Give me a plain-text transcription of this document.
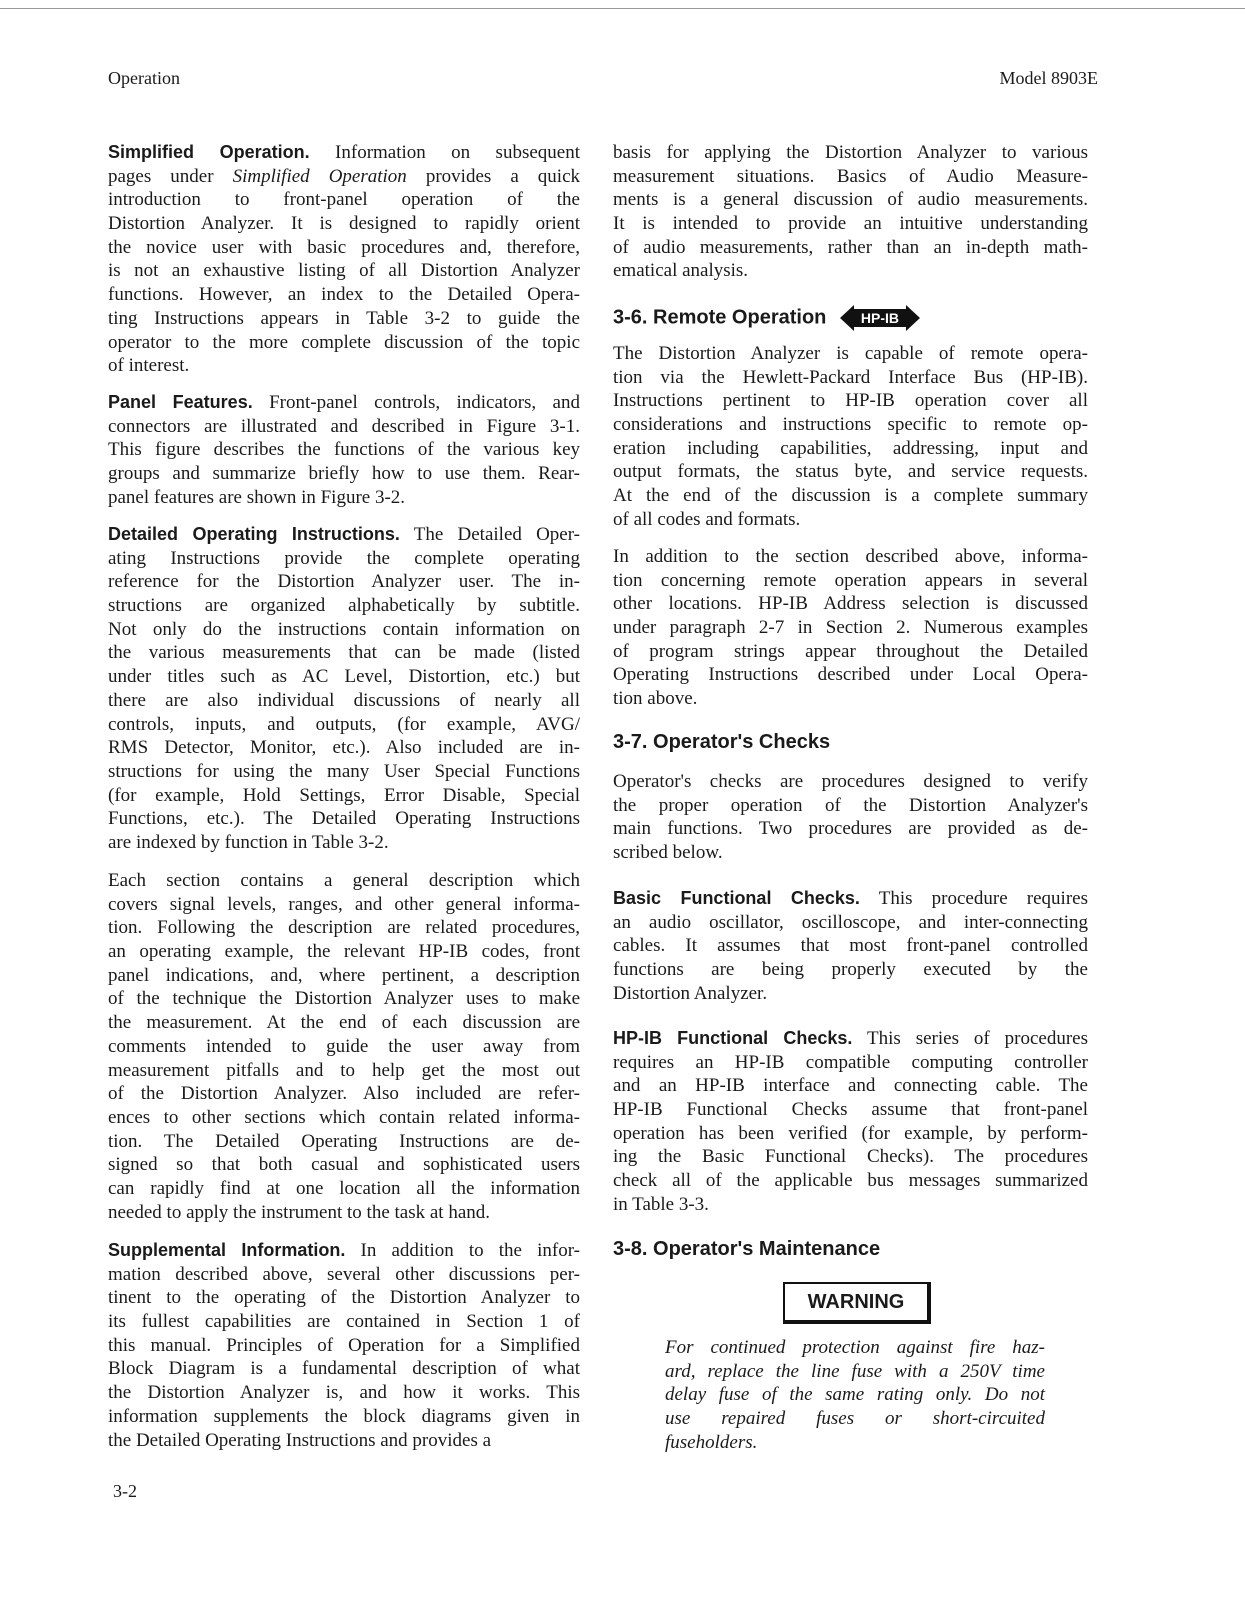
Operation	Model 8903E
Simplified Operation. Information on subsequent
pages under Simplified Operation provides a quick
introduction to front-panel operation of the
Distortion Analyzer. It is designed to rapidly orient
the novice user with basic procedures and, therefore,
is not an exhaustive listing of all Distortion Analyzer
functions. However, an index to the Detailed Opera-
ting Instructions appears in Table 3-2 to guide the
operator to the more complete discussion of the topic
of interest.
Panel Features. Front-panel controls, indicators, and
connectors are illustrated and described in Figure 3-1.
This figure describes the functions of the various key
groups and summarize briefly how to use them. Rear-
panel features are shown in Figure 3-2.
Detailed Operating Instructions. The Detailed Oper-
ating Instructions provide the complete operating
reference for the Distortion Analyzer user. The in-
structions are organized alphabetically by subtitle.
Not only do the instructions contain information on
the various measurements that can be made (listed
under titles such as AC Level, Distortion, etc.) but
there are also individual discussions of nearly all
controls, inputs, and outputs, (for example, AVG/
RMS Detector, Monitor, etc.). Also included are in-
structions for using the many User Special Functions
(for example, Hold Settings, Error Disable, Special
Functions, etc.). The Detailed Operating Instructions
are indexed by function in Table 3-2.
Each section contains a general description which
covers signal levels, ranges, and other general informa-
tion. Following the description are related procedures,
an operating example, the relevant HP-IB codes, front
panel indications, and, where pertinent, a description
of the technique the Distortion Analyzer uses to make
the measurement. At the end of each discussion are
comments intended to guide the user away from
measurement pitfalls and to help get the most out
of the Distortion Analyzer. Also included are refer-
ences to other sections which contain related informa-
tion. The Detailed Operating Instructions are de-
signed so that both casual and sophisticated users
can rapidly find at one location all the information
needed to apply the instrument to the task at hand.
Supplemental Information. In addition to the infor-
mation described above, several other discussions per-
tinent to the operating of the Distortion Analyzer to
its fullest capabilities are contained in Section 1 of
this manual. Principles of Operation for a Simplified
Block Diagram is a fundamental description of what
the Distortion Analyzer is, and how it works. This
information supplements the block diagrams given in
the Detailed Operating Instructions and provides a
basis for applying the Distortion Analyzer to various
measurement situations. Basics of Audio Measure-
ments is a general discussion of audio measurements.
It is intended to provide an intuitive understanding
of audio measurements, rather than an in-depth math-
ematical analysis.
3-6. Remote Operation	HP-IB
The Distortion Analyzer is capable of remote opera-
tion via the Hewlett-Packard Interface Bus (HP-IB).
Instructions pertinent to HP-IB operation cover all
considerations and instructions specific to remote op-
eration including capabilities, addressing, input and
output formats, the status byte, and service requests.
At the end of the discussion is a complete summary
of all codes and formats.
In addition to the section described above, informa-
tion concerning remote operation appears in several
other locations. HP-IB Address selection is discussed
under paragraph 2-7 in Section 2. Numerous examples
of program strings appear throughout the Detailed
Operating Instructions described under Local Opera-
tion above.
3-7. Operator's Checks
Operator's checks are procedures designed to verify
the proper operation of the Distortion Analyzer's
main functions. Two procedures are provided as de-
scribed below.
Basic Functional Checks. This procedure requires
an audio oscillator, oscilloscope, and inter-connecting
cables. It assumes that most front-panel controlled
functions are being properly executed by the
Distortion Analyzer.
HP-IB Functional Checks. This series of procedures
requires an HP-IB compatible computing controller
and an HP-IB interface and connecting cable. The
HP-IB Functional Checks assume that front-panel
operation has been verified (for example, by perform-
ing the Basic Functional Checks). The procedures
check all of the applicable bus messages summarized
in Table 3-3.
3-8. Operator's Maintenance
WARNING
For continued protection against fire haz-
ard, replace the line fuse with a 250V time
delay fuse of the same rating only. Do not
use repaired fuses or short-circuited
fuseholders.
3-2
